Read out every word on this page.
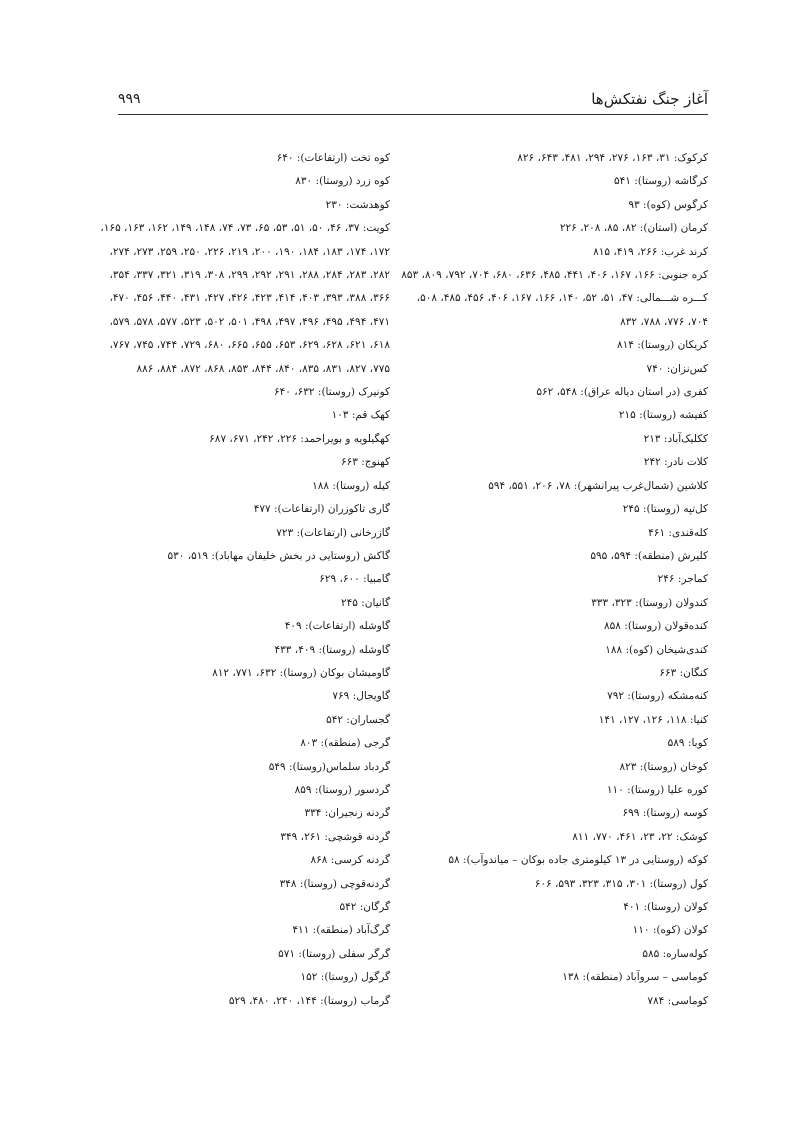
آغاز جنگ نفتکش‌ها
۹۹۹
کرکوک: ۳۱، ۱۶۳، ۲۷۶، ۲۹۴، ۴۸۱، ۶۴۳، ۸۲۶
کرگاشه (روستا): ۵۴۱
کرگوس (کوه): ۹۳
کرمان (استان): ۸۲، ۸۵، ۲۰۸، ۲۲۶
کرند غرب: ۲۶۶، ۴۱۹، ۸۱۵
کره جنوبی: ۱۶۶، ۱۶۷، ۴۰۶، ۴۴۱، ۴۸۵، ۶۳۶، ۶۸۰، ۷۰۴، ۷۹۲، ۸۰۹، ۸۵۳
کـــره شـــمالی: ۴۷، ۵۱، ۵۲، ۱۴۰، ۱۶۶، ۱۶۷، ۴۰۶، ۴۵۶، ۴۸۵، ۵۰۸،
۷۰۴، ۷۷۶، ۷۸۸، ۸۳۲
کریکان (روستا): ۸۱۴
کس‌نزان: ۷۴۰
کفری (در استان دیاله عراق): ۵۴۸، ۵۶۲
کفیشه (روستا): ۲۱۵
ککلیک‌آباد: ۲۱۳
کلات نادر: ۲۴۲
کلاشین (شمال‌غرب پیرانشهر): ۷۸، ۲۰۶، ۵۵۱، ۵۹۴
کل‌تپه (روستا): ۲۴۵
کله‌قندی: ۴۶۱
کلیرش (منطقه): ۵۹۴، ۵۹۵
کماجر: ۲۴۶
کندولان (روستا): ۳۲۳، ۳۳۳
کنده‌قولان (روستا): ۸۵۸
کندی‌شیخان (کوه): ۱۸۸
کنگان: ۶۶۳
کنه‌مشکه (روستا): ۷۹۲
کنیا: ۱۱۸، ۱۲۶، ۱۲۷، ۱۴۱
کوبا: ۵۸۹
کوخان (روستا): ۸۲۳
کوره علیا (روستا): ۱۱۰
کوسه (روستا): ۶۹۹
کوشک: ۲۲، ۲۳، ۴۶۱، ۷۷۰، ۸۱۱
کوکه (روستایی در ۱۳ کیلومتری جاده بوکان – میاندوآب): ۵۸
کول (روستا): ۳۰۱، ۳۱۵، ۳۲۳، ۵۹۳، ۶۰۶
کولان (روستا): ۴۰۱
کولان (کوه): ۱۱۰
کوله‌ساره: ۵۸۵
کوماسی – سروآباد (منطقه): ۱۳۸
کوماسی: ۷۸۴
کوه تخت (ارتفاعات): ۶۴۰
کوه زرد (روستا): ۸۳۰
کوهدشت: ۲۳۰
کویت: ۳۷، ۴۶، ۵۰، ۵۱، ۵۳، ۶۵، ۷۳، ۷۴، ۱۴۸، ۱۴۹، ۱۶۲، ۱۶۳، ۱۶۵،
۱۷۲، ۱۷۴، ۱۸۳، ۱۸۴، ۱۹۰، ۲۰۰، ۲۱۹، ۲۲۶، ۲۵۰، ۲۵۹، ۲۷۳، ۲۷۴،
۲۸۲، ۲۸۳، ۲۸۴، ۲۸۸، ۲۹۱، ۲۹۲، ۲۹۹، ۳۰۸، ۳۱۹، ۳۲۱، ۳۳۷، ۳۵۴،
۳۶۶، ۳۸۸، ۳۹۳، ۴۰۳، ۴۱۴، ۴۲۳، ۴۲۶، ۴۲۷، ۴۳۱، ۴۴۰، ۴۵۶، ۴۷۰،
۴۷۱، ۴۹۴، ۴۹۵، ۴۹۶، ۴۹۷، ۴۹۸، ۵۰۱، ۵۰۲، ۵۲۳، ۵۷۷، ۵۷۸، ۵۷۹،
۶۱۸، ۶۲۱، ۶۲۸، ۶۲۹، ۶۵۳، ۶۵۵، ۶۶۵، ۶۸۰، ۷۲۹، ۷۴۴، ۷۴۵، ۷۶۷،
۷۷۵، ۸۲۷، ۸۳۱، ۸۳۵، ۸۴۰، ۸۴۴، ۸۵۳، ۸۶۸، ۸۷۲، ۸۸۴، ۸۸۶
کونیرک (روستا): ۶۳۲، ۶۴۰
کهک قم: ۱۰۳
کهگیلویه و بویراحمد: ۲۲۶، ۲۴۲، ۶۷۱، ۶۸۷
کهنوج: ۶۶۳
کیله (روستا): ۱۸۸
گاری تاکوزران (ارتفاعات): ۴۷۷
گازرخانی (ارتفاعات): ۷۲۳
گاکش (روستایی در بخش خلیفان مهاباد): ۵۱۹، ۵۳۰
گامبیا: ۶۰۰، ۶۲۹
گانیان: ۲۴۵
گاوشله (ارتفاعات): ۴۰۹
گاوشله (روستا): ۴۰۹، ۴۳۳
گاومیشان بوکان (روستا): ۶۳۲، ۷۷۱، ۸۱۲
گاویجال: ۷۶۹
گجساران: ۵۴۲
گرجی (منطقه): ۸۰۳
گردباد سلماس(روستا): ۵۴۹
گردسور (روستا): ۸۵۹
گردنه زنجیران: ۳۳۴
گردنه قوشچی: ۲۶۱، ۳۴۹
گردنه کرسی: ۸۶۸
گردنه‌قوچی (روستا): ۳۴۸
گرگان: ۵۴۲
گرگ‌آباد (منطقه): ۴۱۱
گرگر سفلی (روستا): ۵۷۱
گرگول (روستا): ۱۵۲
گرماب (روستا): ۱۴۴، ۲۴۰، ۴۸۰، ۵۲۹
